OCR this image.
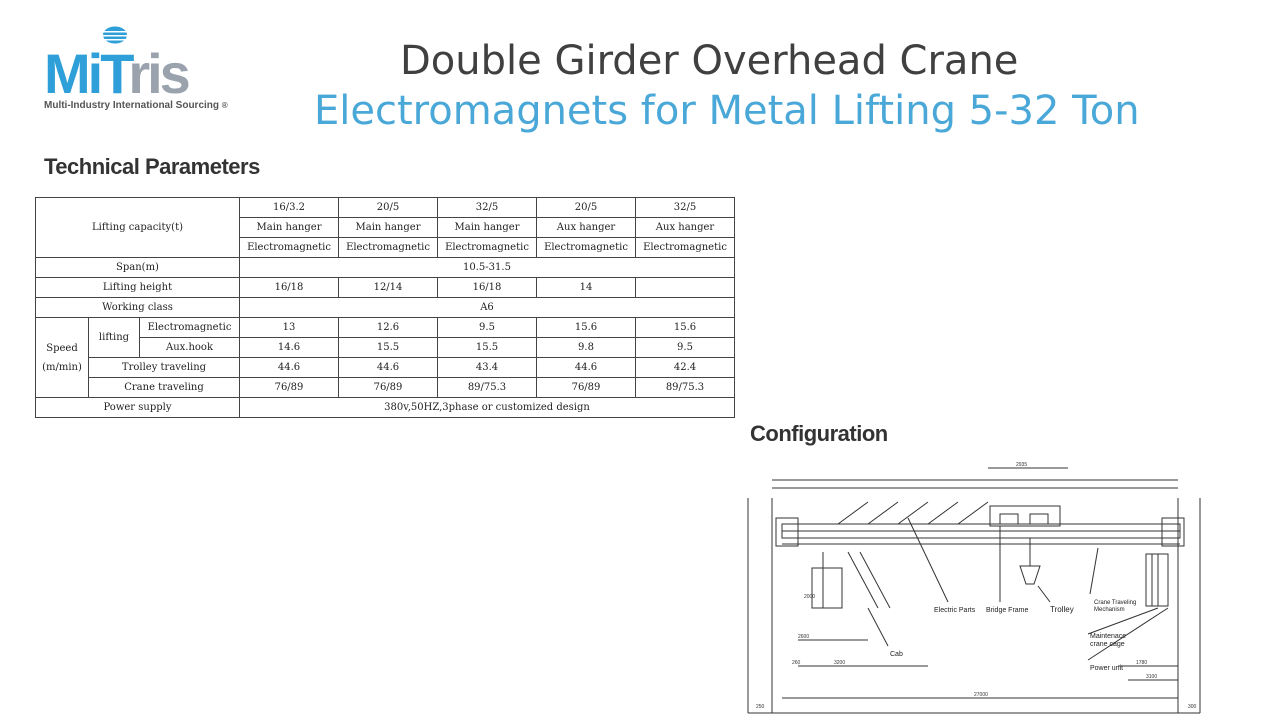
MiTris
Multi-Industry International Sourcing ®
Double Girder Overhead Crane
Electromagnets for Metal Lifting 5-32 Ton
Technical Parameters
Lifting capacity(t)			16/3.2	20/5	32/5	20/5	32/5
			Main hanger	Main hanger	Main hanger	Aux hanger	Aux hanger
			Electromagnetic	Electromagnetic	Electromagnetic	Electromagnetic	Electromagnetic
Span(m)			10.5-31.5				
Lifting height			16/18	12/14	16/18	14	
Working class			A6				

Speed
(m/min)	lifting	Electromagnetic	13	12.6	9.5	15.6	15.6
		Aux.hook	14.6	15.5	15.5	9.8	9.5
	Trolley traveling		44.6	44.6	43.4	44.6	42.4
	Crane traveling		76/89	76/89	89/75.3	76/89	89/75.3
Power supply			380v,50HZ,3phase or customized design				
Configuration
Electric Parts Bridge Frame	Trolley
Crane Traveling
Mechanism
Maintenace
crane cage
Power unit
Cab
2935
27000
2600
1780
3100
3200
250	300
260
2000
